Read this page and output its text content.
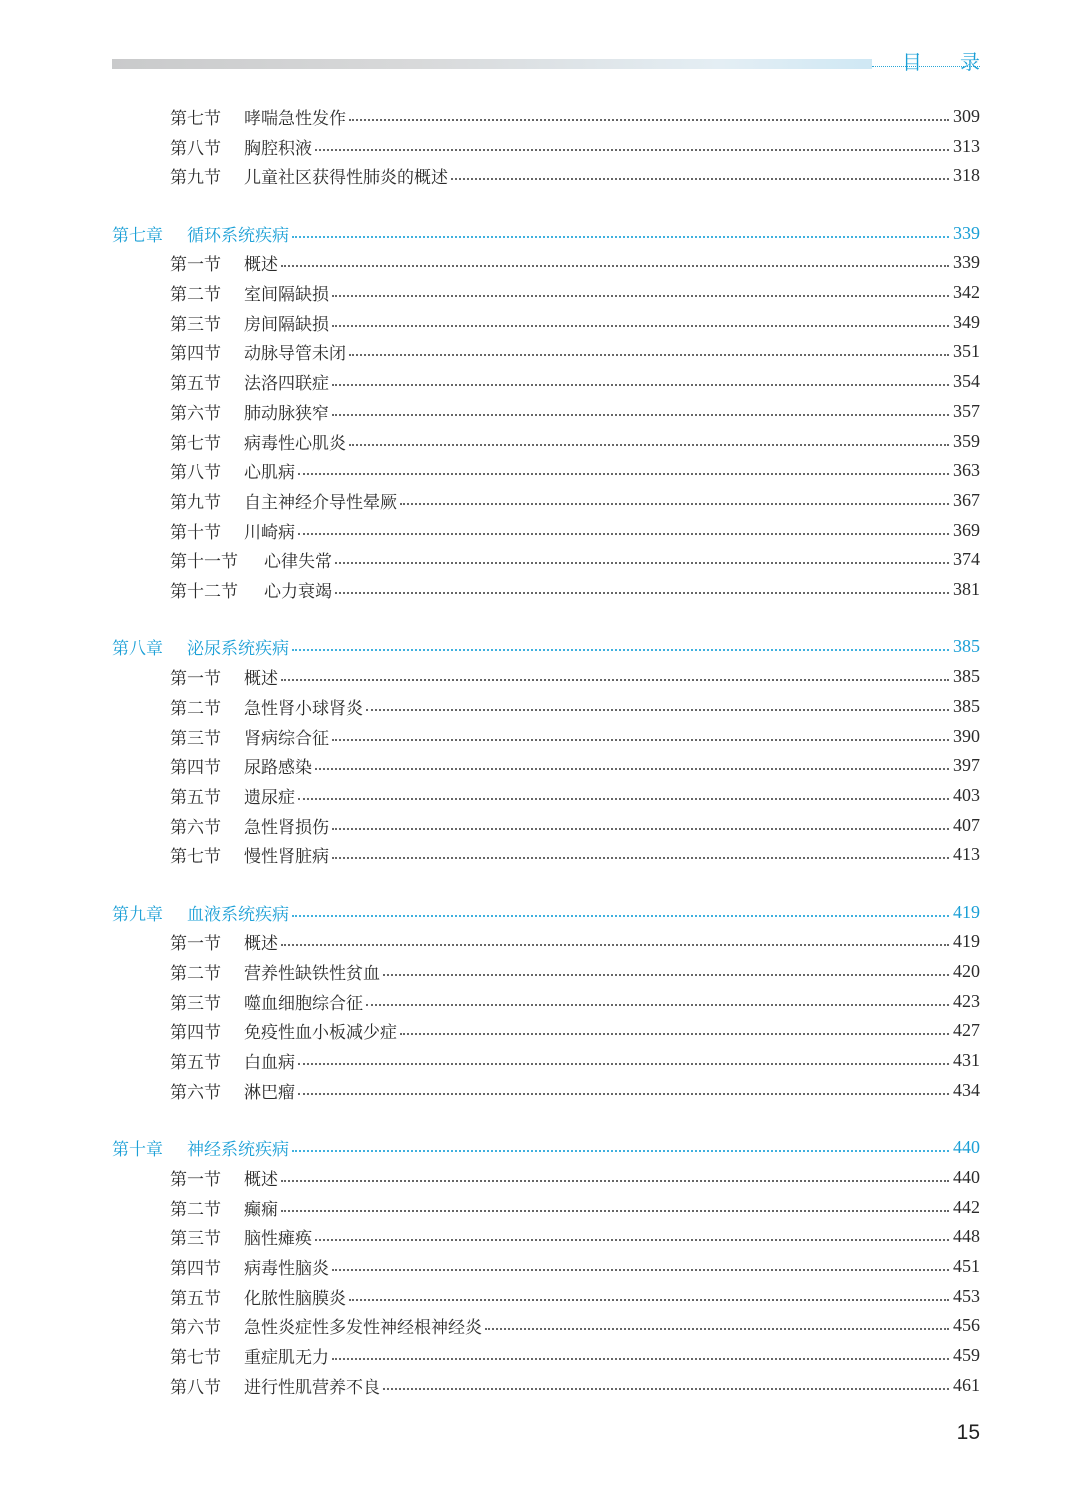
目 录
第七节	哮喘急性发作	309
第八节	胸腔积液	313
第九节	儿童社区获得性肺炎的概述	318
第七章	循环系统疾病	339
第一节	概述	339
第二节	室间隔缺损	342
第三节	房间隔缺损	349
第四节	动脉导管未闭	351
第五节	法洛四联症	354
第六节	肺动脉狭窄	357
第七节	病毒性心肌炎	359
第八节	心肌病	363
第九节	自主神经介导性晕厥	367
第十节	川崎病	369
第十一节	心律失常	374
第十二节	心力衰竭	381
第八章	泌尿系统疾病	385
第一节	概述	385
第二节	急性肾小球肾炎	385
第三节	肾病综合征	390
第四节	尿路感染	397
第五节	遗尿症	403
第六节	急性肾损伤	407
第七节	慢性肾脏病	413
第九章	血液系统疾病	419
第一节	概述	419
第二节	营养性缺铁性贫血	420
第三节	噬血细胞综合征	423
第四节	免疫性血小板减少症	427
第五节	白血病	431
第六节	淋巴瘤	434
第十章	神经系统疾病	440
第一节	概述	440
第二节	癫痫	442
第三节	脑性瘫痪	448
第四节	病毒性脑炎	451
第五节	化脓性脑膜炎	453
第六节	急性炎症性多发性神经根神经炎	456
第七节	重症肌无力	459
第八节	进行性肌营养不良	461
15
